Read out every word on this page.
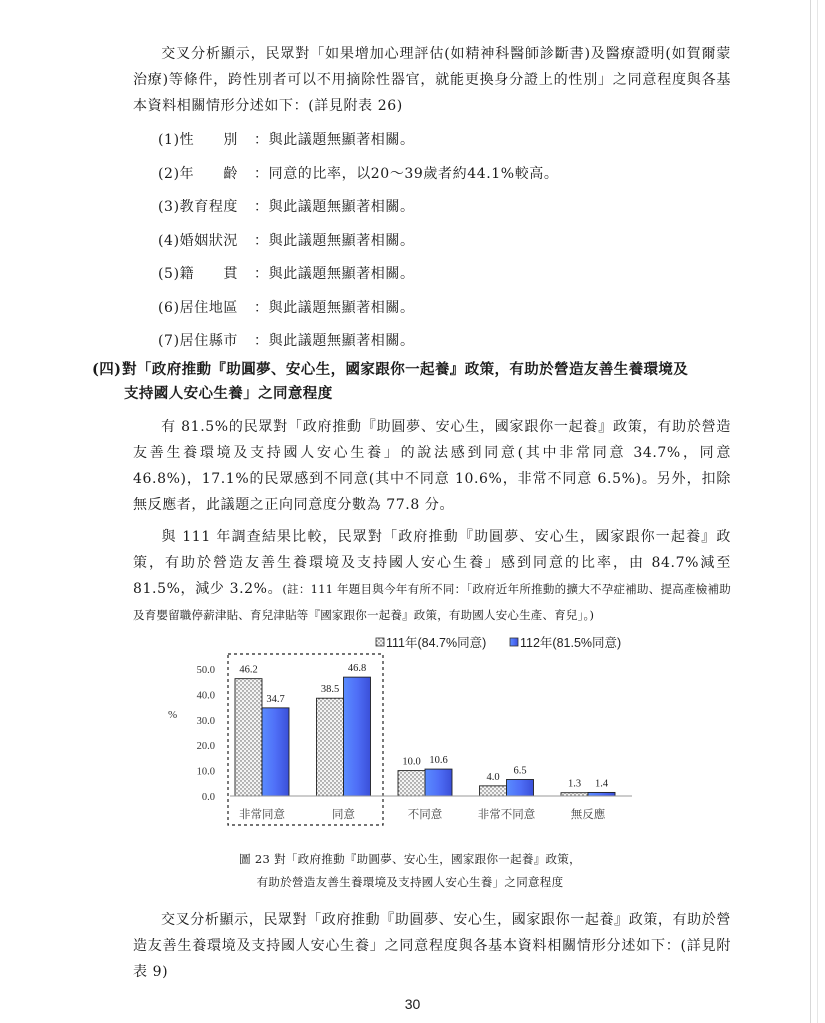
交叉分析顯示，民眾對「如果增加心理評估(如精神科醫師診斷書)及醫療證明(如賀爾蒙治療)等條件，跨性別者可以不用摘除性器官，就能更換身分證上的性別」之同意程度與各基本資料相關情形分述如下：(詳見附表 26)

(1)性　　別 ：與此議題無顯著相關。
(2)年　　齡 ：同意的比率，以20～39歲者約44.1%較高。
(3)教育程度 ：與此議題無顯著相關。
(4)婚姻狀況 ：與此議題無顯著相關。
(5)籍　　貫 ：與此議題無顯著相關。
(6)居住地區 ：與此議題無顯著相關。
(7)居住縣市 ：與此議題無顯著相關。
(四)對「政府推動『助圓夢、安心生，國家跟你一起養』政策，有助於營造友善生養環境及
支持國人安心生養」之同意程度

有 81.5%的民眾對「政府推動『助圓夢、安心生，國家跟你一起養』政策，有助於營造友善生養環境及支持國人安心生養」的說法感到同意(其中非常同意 34.7%，同意 46.8%)，17.1%的民眾感到不同意(其中不同意 10.6%，非常不同意 6.5%)。另外，扣除無反應者，此議題之正向同意度分數為 77.8 分。

與 111 年調查結果比較，民眾對「政府推動『助圓夢、安心生，國家跟你一起養』政策，有助於營造友善生養環境及支持國人安心生養」感到同意的比率，由 84.7%減至 81.5%，減少 3.2%。(註：111 年題目與今年有所不同：「政府近年所推動的擴大不孕症補助、提高產檢補助及育嬰留職停薪津貼、育兒津貼等『國家跟你一起養』政策，有助國人安心生產、育兒」。)

111年(84.7%同意)	112年(81.5%同意)
%
0.0
10.0
20.0
30.0
40.0
50.0 46.2
34.7
38.5
46.8
10.0 10.6
4.0
6.5
1.3 1.4
非常同意	同意	不同意	非常不同意	無反應
圖 23 對「政府推動『助圓夢、安心生，國家跟你一起養』政策，
有助於營造友善生養環境及支持國人安心生養」之同意程度

交叉分析顯示，民眾對「政府推動『助圓夢、安心生，國家跟你一起養』政策，有助於營造友善生養環境及支持國人安心生養」之同意程度與各基本資料相關情形分述如下：(詳見附表 9)

30
